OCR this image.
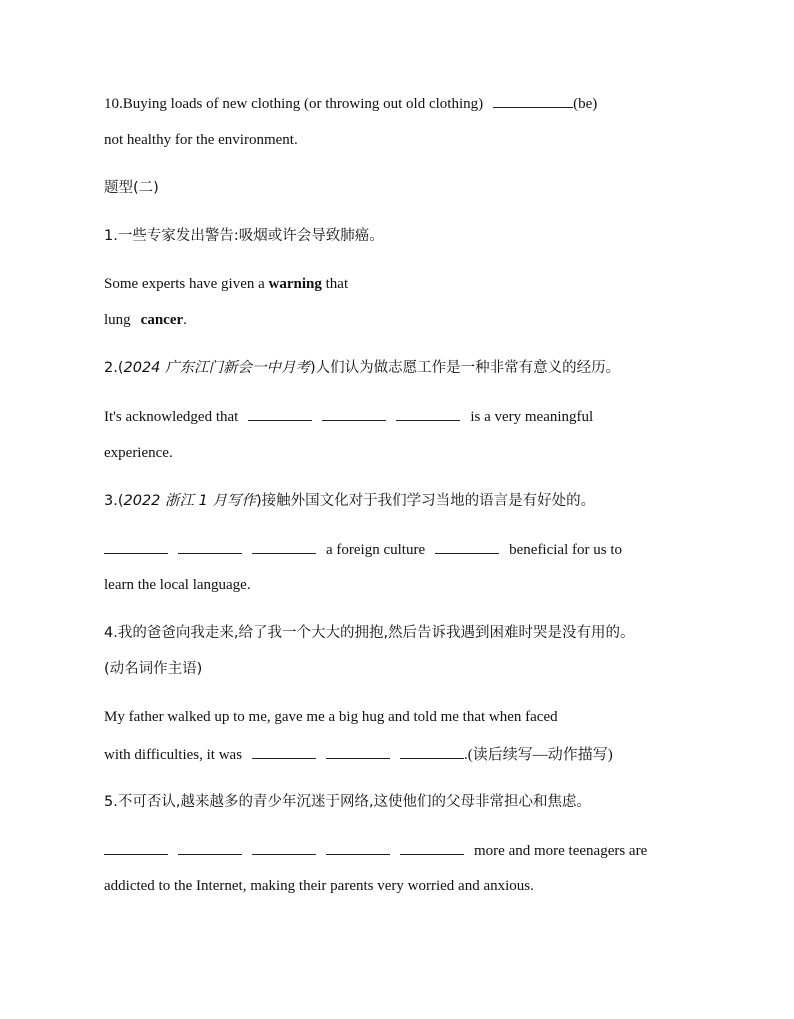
10.Buying loads of new clothing (or throwing out old clothing)	(be)
not healthy for the environment.
题型(二)
1.一些专家发出警告:吸烟或许会导致肺癌。
Some experts have given a warning that
lung cancer.
2.(2024 广东江门新会一中月考)人们认为做志愿工作是一种非常有意义的经历。
It's acknowledged that	is a very meaningful
experience.
3.(2022 浙江 1 月写作)接触外国文化对于我们学习当地的语言是有好处的。
a foreign culture	beneficial for us to
learn the local language.
4.我的爸爸向我走来,给了我一个大大的拥抱,然后告诉我遇到困难时哭是没有用的。
(动名词作主语)
My father walked up to me, gave me a big hug and told me that when faced
with difficulties, it was	.(读后续写—动作描写)
5.不可否认,越来越多的青少年沉迷于网络,这使他们的父母非常担心和焦虑。
more and more teenagers are
addicted to the Internet, making their parents very worried and anxious.
